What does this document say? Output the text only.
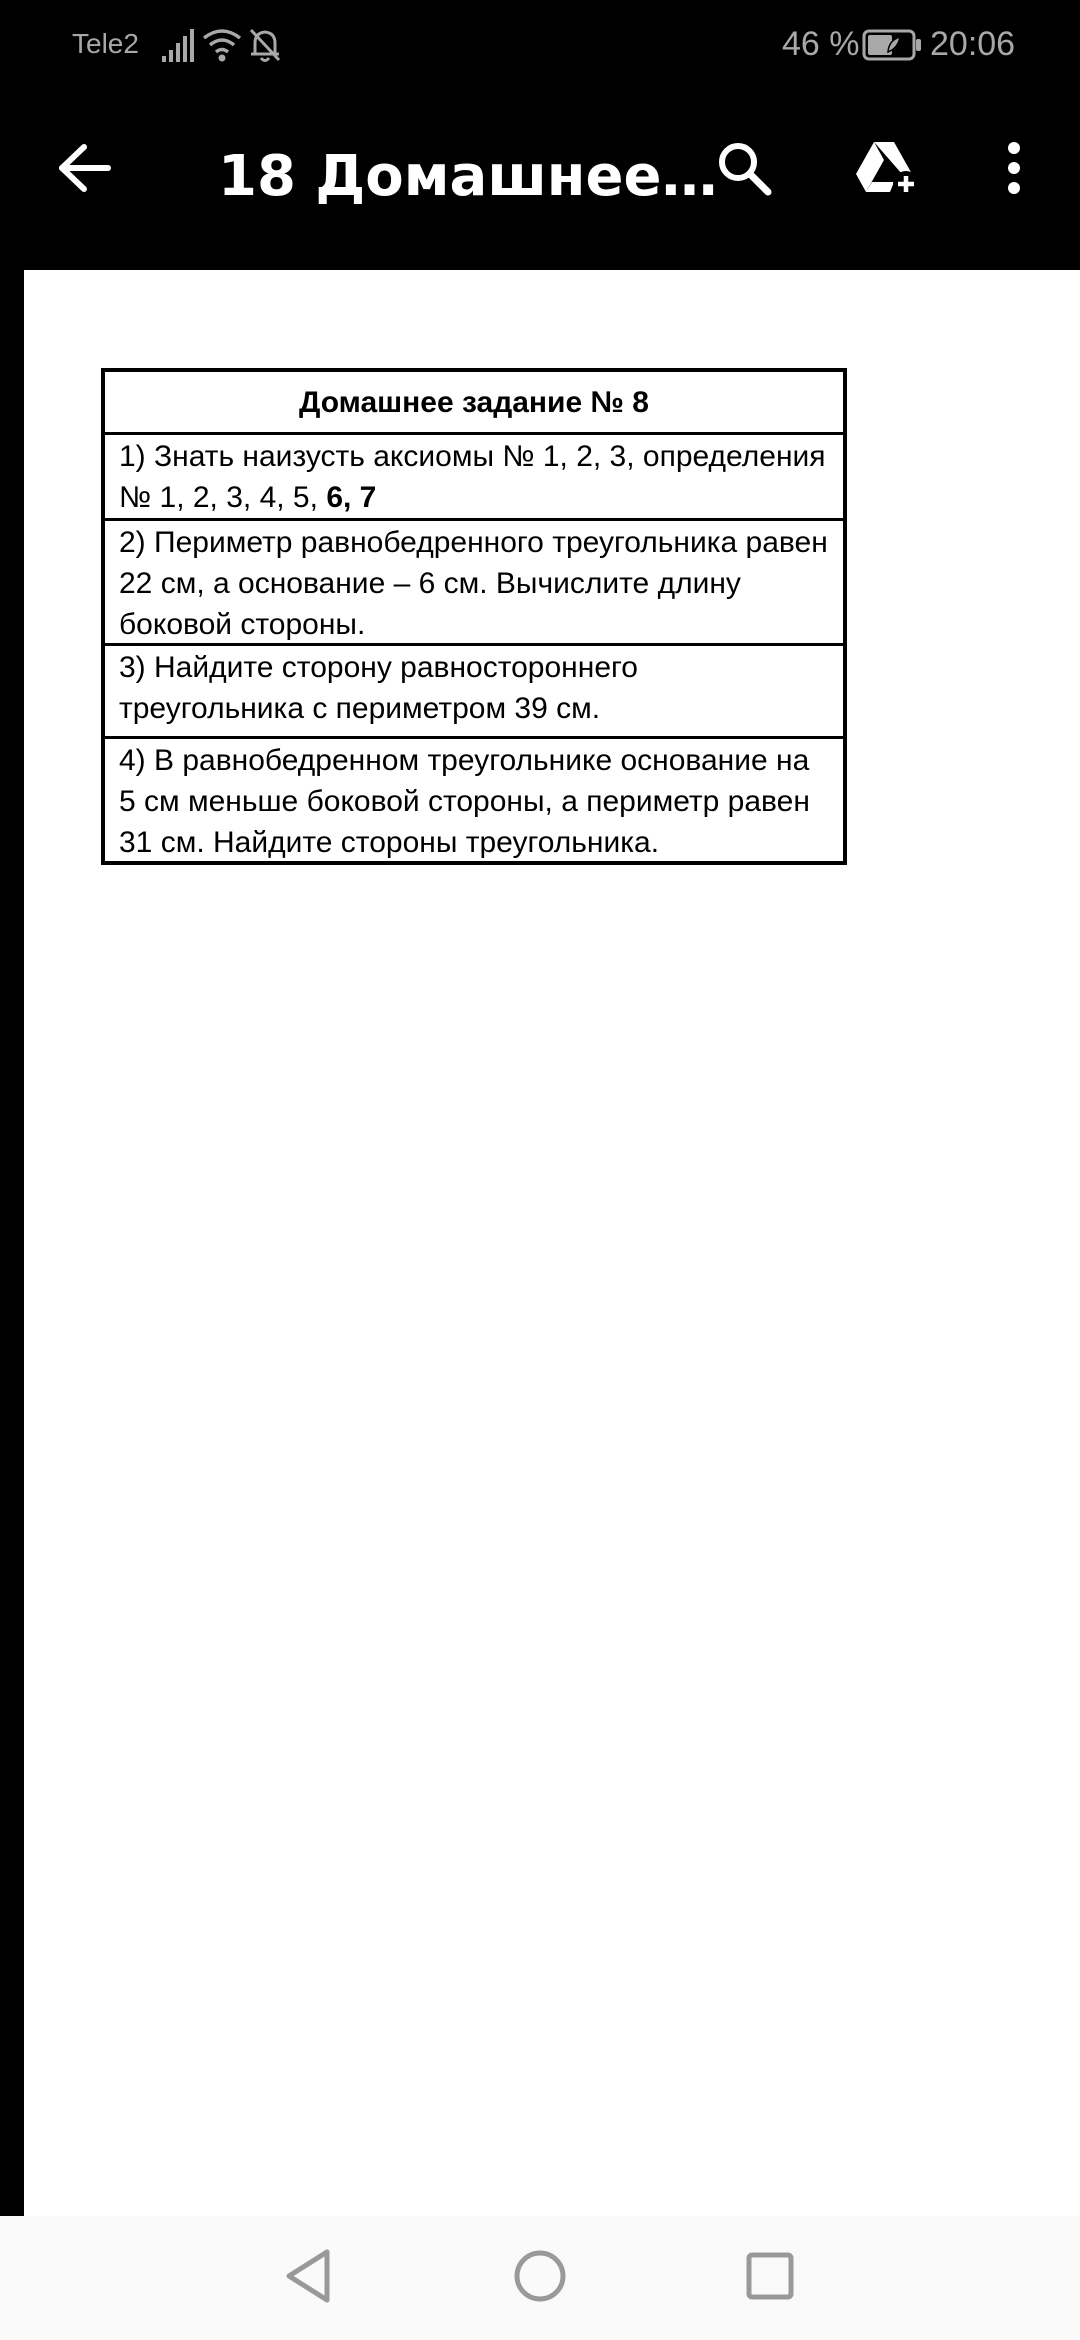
Tele2	46 % 20:06
18 Домашнее…
Домашнее задание № 8
1) Знать наизусть аксиомы № 1, 2, 3, определения № 1, 2, 3, 4, 5, 6, 7
2) Периметр равнобедренного треугольника равен 22 см, а основание – 6 см. Вычислите длину боковой стороны.
3) Найдите сторону равностороннего треугольника с периметром 39 см.
4) В равнобедренном треугольнике основание на 5 см меньше боковой стороны, а периметр равен 31 см. Найдите стороны треугольника.
